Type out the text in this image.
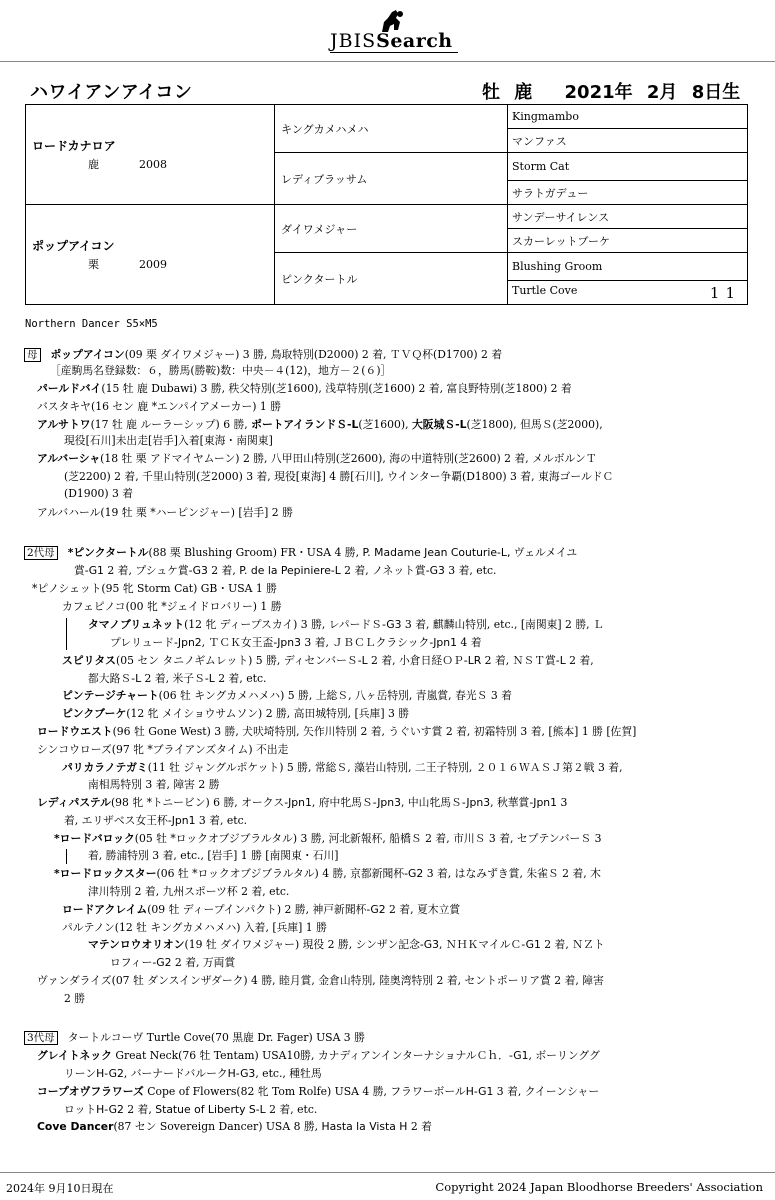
JBISSearch
ハワイアンアイコン	牡 鹿　 2021年 2月 8日生
ロードカナロア
鹿 2008	キングカメハメハ	Kingmambo
		マンファス
	レディブラッサム	Storm Cat
		サラトガデュー

ポップアイコン
栗 2009	ダイワメジャー	サンデーサイレンス
		スカーレットブーケ
	ピンクタートル	Blushing Groom

		Turtle Cove 11
Northern Dancer S5×M5
母 ポップアイコン(09 栗 ダイワメジャー) 3 勝, 鳥取特別(D2000) 2 着, ＴＶＱ杯(D1700) 2 着
［産駒馬名登録数：６，勝馬(勝鞍)数：中央－４(12)，地方－２(６)］
パールドバイ(15 牡 鹿 Dubawi) 3 勝, 秩父特別(芝1600), 浅草特別(芝1600) 2 着, 富良野特別(芝1800) 2 着
バスタキヤ(16 セン 鹿 *エンパイアメーカー) 1 勝
アルサトワ(17 牡 鹿 ルーラーシップ) 6 勝, ポートアイランドＳ-L(芝1600), 大阪城Ｓ-L(芝1800), 但馬Ｓ(芝2000),
現役[石川]未出走[岩手]入着[東海・南関東]
アルバーシャ(18 牡 栗 アドマイヤムーン) 2 勝, 八甲田山特別(芝2600), 海の中道特別(芝2600) 2 着, メルボルンＴ
(芝2200) 2 着, 千里山特別(芝2000) 3 着, 現役[東海] 4 勝[石川], ウインター争覇(D1800) 3 着, 東海ゴールドＣ
(D1900) 3 着
アルバハール(19 牡 栗 *ハーピンジャー) [岩手] 2 勝
2代母 *ピンクタートル(88 栗 Blushing Groom) FR・USA 4 勝, P. Madame Jean Couturie-L, ヴェルメイユ
賞-G1 2 着, プシュケ賞-G3 2 着, P. de la Pepiniere-L 2 着, ノネット賞-G3 3 着, etc.
*ピノシェット(95 牝 Storm Cat) GB・USA 1 勝
カフェピノコ(00 牝 *ジェイドロバリー) 1 勝
タマノブリュネット(12 牝 ディープスカイ) 3 勝, レパードＳ-G3 3 着, 麒麟山特別, etc., [南関東] 2 勝, Ｌ
プレリュード-Jpn2, ＴＣＫ女王盃-Jpn3 3 着, ＪＢＣＬクラシック-Jpn1 4 着
スピリタス(05 セン タニノギムレット) 5 勝, ディセンバーＳ-L 2 着, 小倉日経ＯＰ-LR 2 着, ＮＳＴ賞-L 2 着,
都大路Ｓ-L 2 着, 米子Ｓ-L 2 着, etc.
ピンテージチャート(06 牡 キングカメハメハ) 5 勝, 上総Ｓ, 八ヶ岳特別, 青嵐賞, 春光Ｓ 3 着
ピンクブーケ(12 牝 メイショウサムソン) 2 勝, 高田城特別, [兵庫] 3 勝
ロードウエスト(96 牡 Gone West) 3 勝, 犬吠埼特別, 矢作川特別 2 着, うぐいす賞 2 着, 初霜特別 3 着, [熊本] 1 勝 [佐賀]
シンコウローズ(97 牝 *ブライアンズタイム) 不出走
パリカラノテガミ(11 牡 ジャングルポケット) 5 勝, 常総Ｓ, 藻岩山特別, 二王子特別, ２０１６ＷＡＳＪ第２戦 3 着,
南相馬特別 3 着, 障害 2 勝
レディパステル(98 牝 *トニービン) 6 勝, オークス-Jpn1, 府中牝馬Ｓ-Jpn3, 中山牝馬Ｓ-Jpn3, 秋華賞-Jpn1 3
着, エリザベス女王杯-Jpn1 3 着, etc.
*ロードバロック(05 牡 *ロックオブジブラルタル) 3 勝, 河北新報杯, 船橋Ｓ 2 着, 市川Ｓ 3 着, セプテンバーＳ 3
着, 勝浦特別 3 着, etc., [岩手] 1 勝 [南関東・石川]
*ロードロックスター(06 牡 *ロックオブジブラルタル) 4 勝, 京都新聞杯-G2 3 着, はなみずき賞, 朱雀Ｓ 2 着, 木
津川特別 2 着, 九州スポーツ杯 2 着, etc.
ロードアクレイム(09 牡 ディープインパクト) 2 勝, 神戸新聞杯-G2 2 着, 夏木立賞
パルテノン(12 牡 キングカメハメハ) 入着, [兵庫] 1 勝
マテンロウオリオン(19 牡 ダイワメジャー) 現役 2 勝, シンザン記念-G3, ＮＨＫマイルＣ-G1 2 着, ＮＺト
ロフィー-G2 2 着, 万両賞
ヴァンダライズ(07 牡 ダンスインザダーク) 4 勝, 睦月賞, 金倉山特別, 陸奥湾特別 2 着, セントポーリア賞 2 着, 障害
2 勝
3代母 タートルコーヴ Turtle Cove(70 黒鹿 Dr. Fager) USA 3 勝
グレイトネック Great Neck(76 牡 Tentam) USA10勝, カナディアンインターナショナルＣｈ．-G1, ボーリンググ
リーンH-G2, バーナードバルークH-G3, etc., 種牡馬
コープオヴフラワーズ Cope of Flowers(82 牝 Tom Rolfe) USA 4 勝, フラワーボールH-G1 3 着, クイーンシャー
ロットH-G2 2 着, Statue of Liberty S-L 2 着, etc.
Cove Dancer(87 セン Sovereign Dancer) USA 8 勝, Hasta la Vista H 2 着
2024年 9月10日現在	Copyright 2024 Japan Bloodhorse Breeders' Association
